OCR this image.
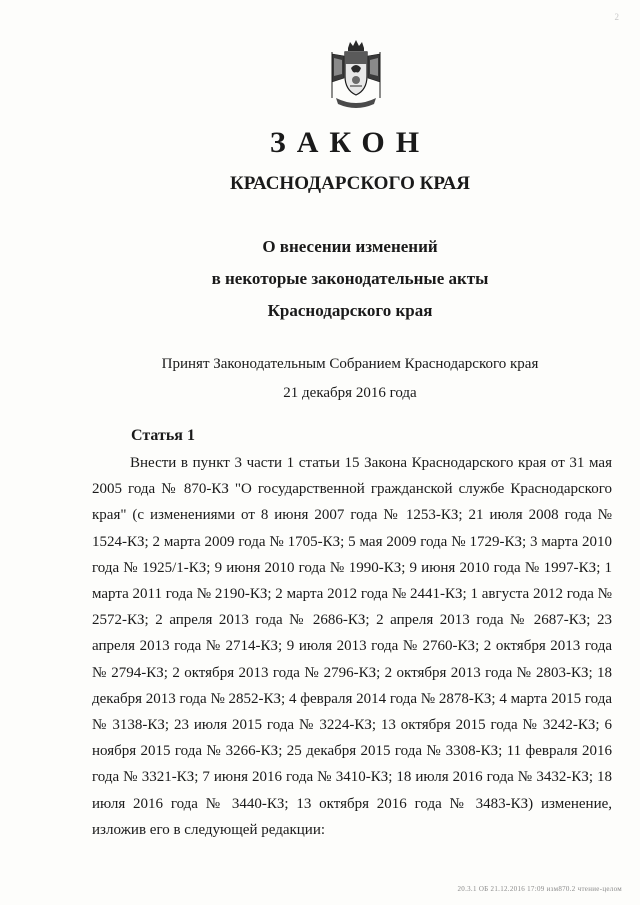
2
ЗАКОН
КРАСНОДАРСКОГО КРАЯ
О внесении изменений
в некоторые законодательные акты
Краснодарского края
Принят Законодательным Собранием Краснодарского края
21 декабря 2016 года
Статья 1
Внести в пункт 3 части 1 статьи 15 Закона Краснодарского края от 31 мая 2005 года № 870-КЗ "О государственной гражданской службе Краснодарского края" (с изменениями от 8 июня 2007 года № 1253-КЗ; 21 июля 2008 года № 1524-КЗ; 2 марта 2009 года № 1705-КЗ; 5 мая 2009 года № 1729-КЗ; 3 марта 2010 года № 1925/1-КЗ; 9 июня 2010 года № 1990-КЗ; 9 июня 2010 года № 1997-КЗ; 1 марта 2011 года № 2190-КЗ; 2 марта 2012 года № 2441-КЗ; 1 августа 2012 года № 2572-КЗ; 2 апреля 2013 года № 2686-КЗ; 2 апреля 2013 года № 2687-КЗ; 23 апреля 2013 года № 2714-КЗ; 9 июля 2013 года № 2760-КЗ; 2 октября 2013 года № 2794-КЗ; 2 октября 2013 года № 2796-КЗ; 2 октября 2013 года № 2803-КЗ; 18 декабря 2013 года № 2852-КЗ; 4 февраля 2014 года № 2878-КЗ; 4 марта 2015 года № 3138-КЗ; 23 июля 2015 года № 3224-КЗ; 13 октября 2015 года № 3242-КЗ; 6 ноября 2015 года № 3266-КЗ; 25 декабря 2015 года № 3308-КЗ; 11 февраля 2016 года № 3321-КЗ; 7 июня 2016 года № 3410-КЗ; 18 июля 2016 года № 3432-КЗ; 18 июля 2016 года № 3440-КЗ; 13 октября 2016 года № 3483-КЗ) изменение, изложив его в следующей редакции:
20.3.1 ОБ 21.12.2016 17:09 изм870.2 чтение-целом
